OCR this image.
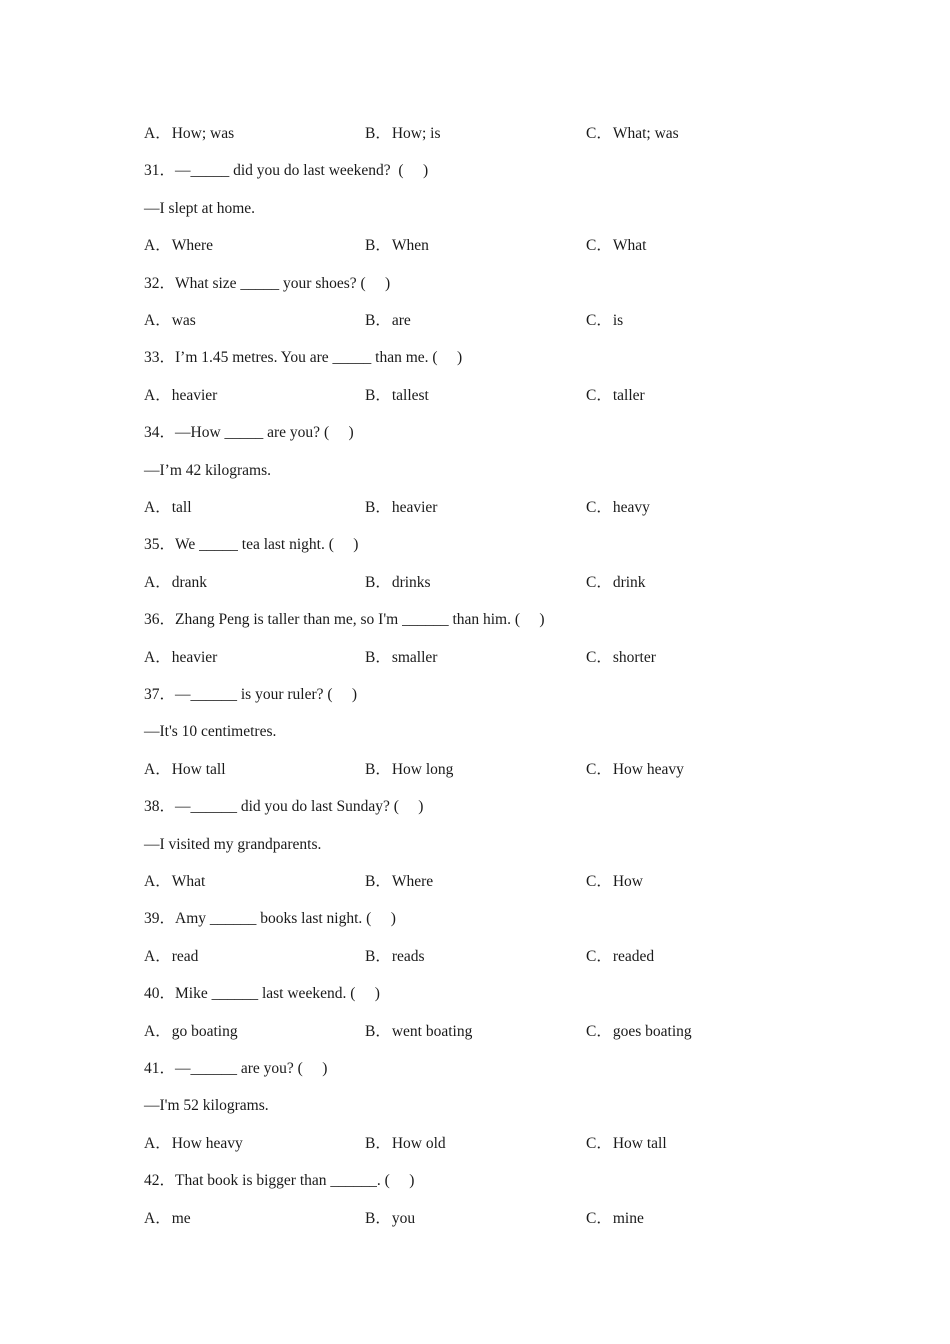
A．How; was	B．How; is	C．What; was
31．—_____ did you do last weekend?  (     )
—I slept at home.
A．Where	B．When	C．What
32．What size _____ your shoes? (     )
A．was	B．are	C．is
33．I’m 1.45 metres. You are _____ than me. (     )
A．heavier	B．tallest	C．taller
34．—How _____ are you? (     )
—I’m 42 kilograms.
A．tall	B．heavier	C．heavy
35．We _____ tea last night. (     )
A．drank	B．drinks	C．drink
36．Zhang Peng is taller than me, so I'm ______ than him. (     )
A．heavier	B．smaller	C．shorter
37．—______ is your ruler? (     )
—It's 10 centimetres.
A．How tall	B．How long	C．How heavy
38．—______ did you do last Sunday? (     )
—I visited my grandparents.
A．What	B．Where	C．How
39．Amy ______ books last night. (     )
A．read	B．reads	C．readed
40．Mike ______ last weekend. (     )
A．go boating	B．went boating	C．goes boating
41．—______ are you? (     )
—I'm 52 kilograms.
A．How heavy	B．How old	C．How tall
42．That book is bigger than ______. (     )
A．me	B．you	C．mine
